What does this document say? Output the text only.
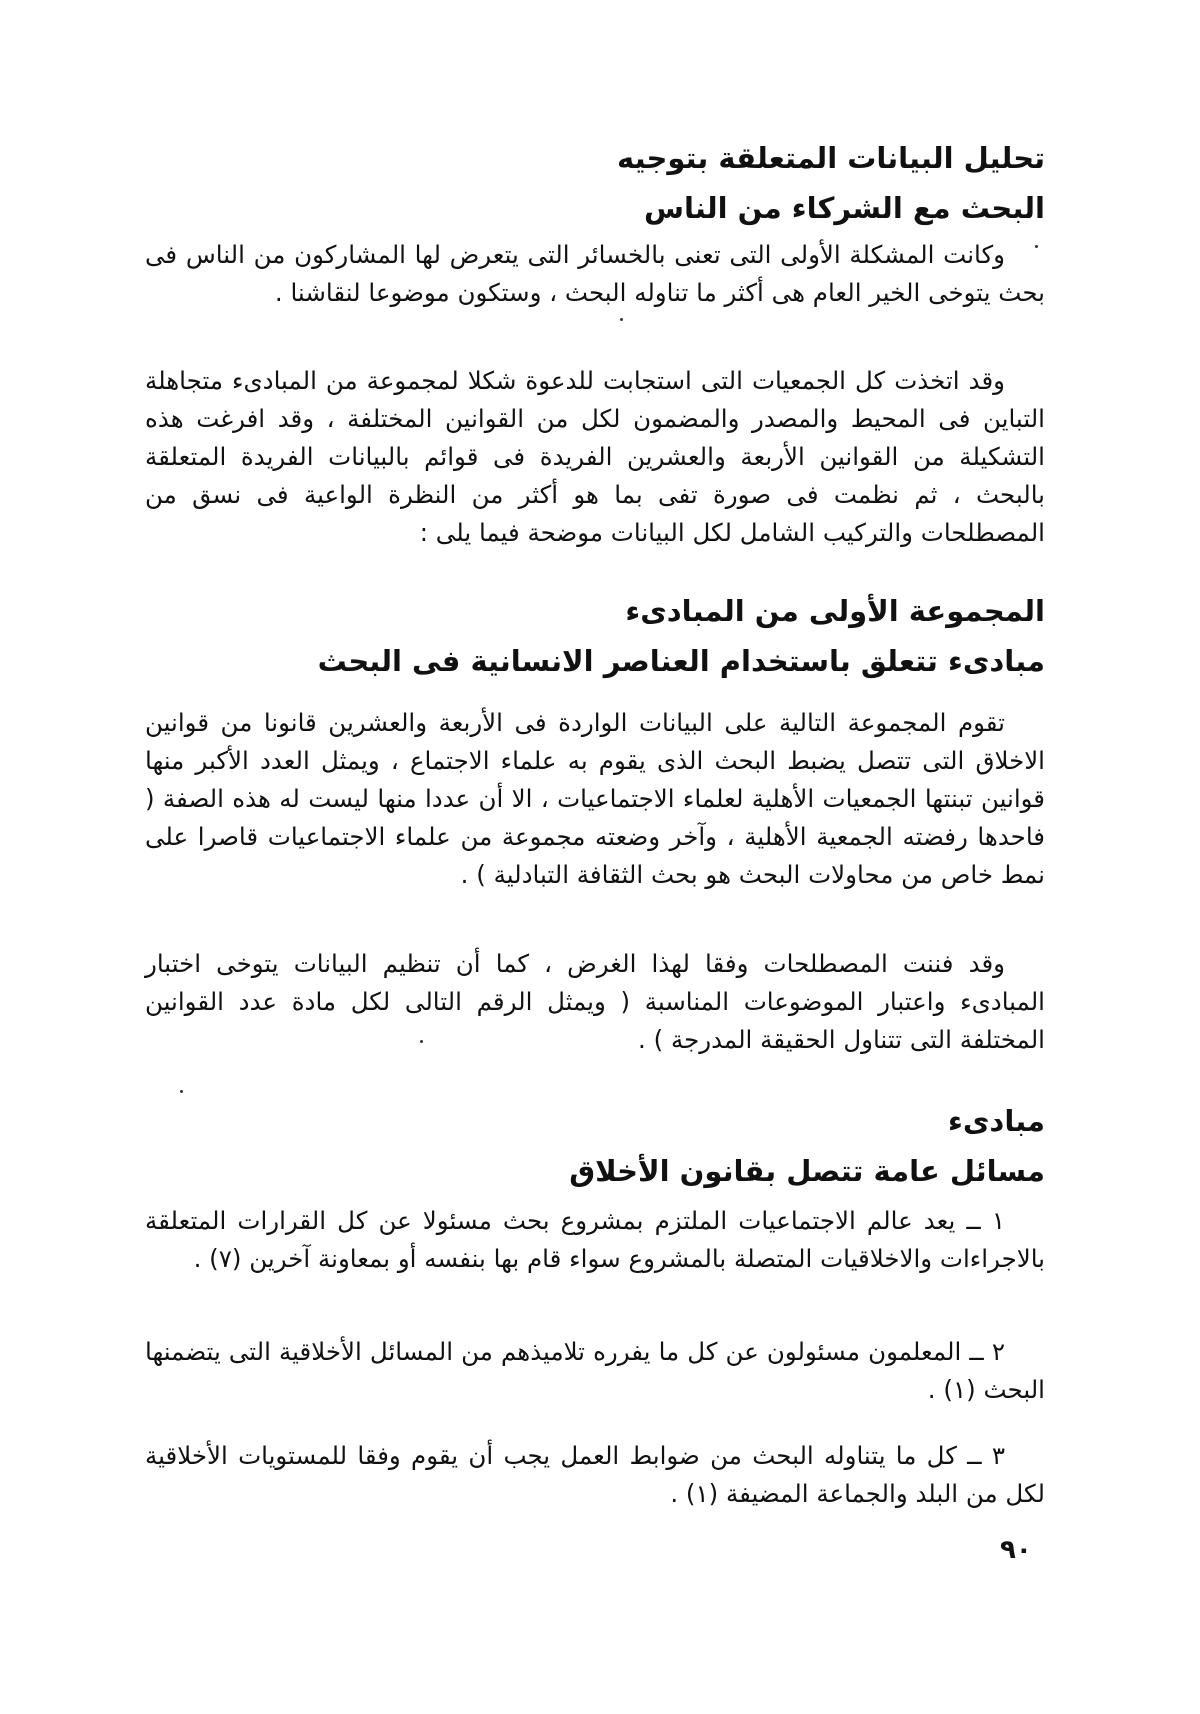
تحليل البيانات المتعلقة بتوجيه

البحث مع الشركاء من الناس

وكانت المشكلة الأولى التى تعنى بالخسائر التى يتعرض لها المشاركون من الناس فى بحث يتوخى الخير العام هى أكثر ما تناوله البحث ، وستكون موضوعا لنقاشنا .

وقد اتخذت كل الجمعيات التى استجابت للدعوة شكلا لمجموعة من المبادىء متجاهلة التباين فى المحيط والمصدر والمضمون لكل من القوانين المختلفة ، وقد افرغت هذه التشكيلة من القوانين الأربعة والعشرين الفريدة فى قوائم بالبيانات الفريدة المتعلقة بالبحث ، ثم نظمت فى صورة تفى بما هو أكثر من النظرة الواعية فى نسق من المصطلحات والتركيب الشامل لكل البيانات موضحة فيما يلى :

المجموعة الأولى من المبادىء

مبادىء تتعلق باستخدام العناصر الانسانية فى البحث

تقوم المجموعة التالية على البيانات الواردة فى الأربعة والعشرين قانونا من قوانين الاخلاق التى تتصل يضبط البحث الذى يقوم به علماء الاجتماع ، ويمثل العدد الأكبر منها قوانين تبنتها الجمعيات الأهلية لعلماء الاجتماعيات ، الا أن عددا منها ليست له هذه الصفة ( فاحدها رفضته الجمعية الأهلية ، وآخر وضعته مجموعة من علماء الاجتماعيات قاصرا على نمط خاص من محاولات البحث هو بحث الثقافة التبادلية ) .

وقد فننت المصطلحات وفقا لهذا الغرض ، كما أن تنظيم البيانات يتوخى اختبار المبادىء واعتبار الموضوعات المناسبة ( ويمثل الرقم التالى لكل مادة عدد القوانين المختلفة التى تتناول الحقيقة المدرجة ) .

مبادىء

مسائل عامة تتصل بقانون الأخلاق

١ ــ يعد عالم الاجتماعيات الملتزم بمشروع بحث مسئولا عن كل القرارات المتعلقة بالاجراءات والاخلاقيات المتصلة بالمشروع سواء قام بها بنفسه أو بمعاونة آخرين (٧) .

٢ ــ المعلمون مسئولون عن كل ما يفرره تلاميذهم من المسائل الأخلاقية التى يتضمنها البحث (١) .

٣ ــ كل ما يتناوله البحث من ضوابط العمل يجب أن يقوم وفقا للمستويات الأخلاقية لكل من البلد والجماعة المضيفة (١) .

٩٠
